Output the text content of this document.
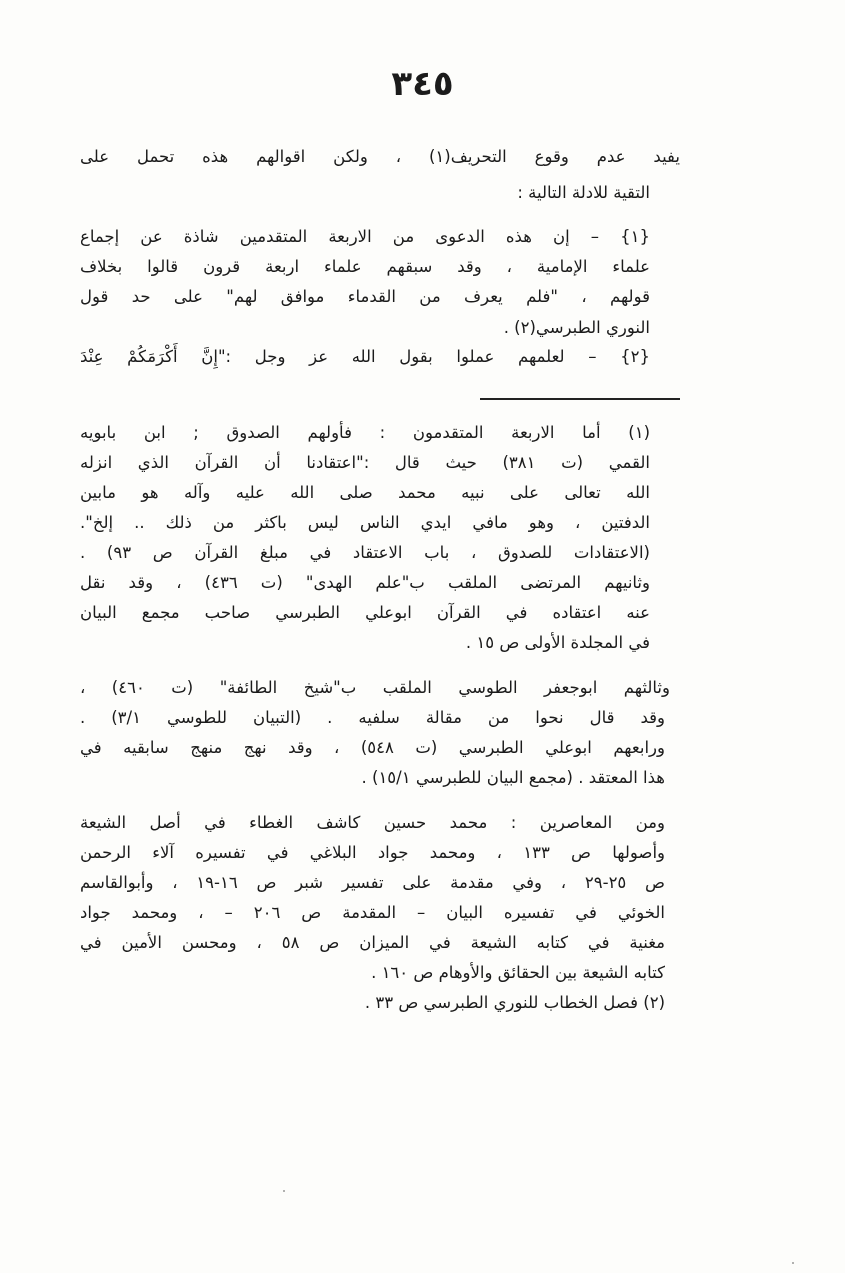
٣٤٥
يفيد عدم وقوع التحريف(١) ، ولكن اقوالهم هذه تحمل على
التقية للادلة التالية :
{١} – إن هذه الدعوى من الاربعة المتقدمين شاذة عن إجماع
علماء الإمامية ، وقد سبقهم علماء اربعة قرون قالوا بخلاف
قولهم ، "فلم يعرف من القدماء موافق لهم" على حد قول
النوري الطبرسي(٢) .
{٢} – لعلمهم عملوا بقول الله عز وجل :"إِنَّ أَكْرَمَكُمْ عِنْدَ
(١) أما الاربعة المتقدمون : فأولهم الصدوق ; ابن بابويه
القمي (ت ٣٨١) حيث قال :"اعتقادنا أن القرآن الذي انزله
الله تعالى على نبيه محمد صلى الله عليه وآله هو مابين
الدفتين ، وهو مافي ايدي الناس ليس باكثر من ذلك .. إلخ".
(الاعتقادات للصدوق ، باب الاعتقاد في مبلغ القرآن ص ٩٣) .
وثانيهم المرتضى الملقب ب"علم الهدى" (ت ٤٣٦) ، وقد نقل
عنه اعتقاده في القرآن ابوعلي الطبرسي صاحب مجمع البيان
في المجلدة الأولى ص ١٥ .
وثالثهم ابوجعفر الطوسي الملقب ب"شيخ الطائفة" (ت ٤٦٠) ،
وقد قال نحوا من مقالة سلفيه . (التبيان للطوسي ٣/١) .
ورابعهم ابوعلي الطبرسي (ت ٥٤٨) ، وقد نهج منهج سابقيه في
هذا المعتقد . (مجمع البيان للطبرسي ١٥/١) .
ومن المعاصرين : محمد حسين كاشف الغطاء في أصل الشيعة
وأصولها ص ١٣٣ ، ومحمد جواد البلاغي في تفسيره آلاء الرحمن
ص ٢٥-٢٩ ، وفي مقدمة على تفسير شبر ص ١٦-١٩ ، وأبوالقاسم
الخوئي في تفسيره البيان – المقدمة ص ٢٠٦ – ، ومحمد جواد
مغنية في كتابه الشيعة في الميزان ص ٥٨ ، ومحسن الأمين في
كتابه الشيعة بين الحقائق والأوهام ص ١٦٠ .
(٢) فصل الخطاب للنوري الطبرسي ص ٣٣ .
